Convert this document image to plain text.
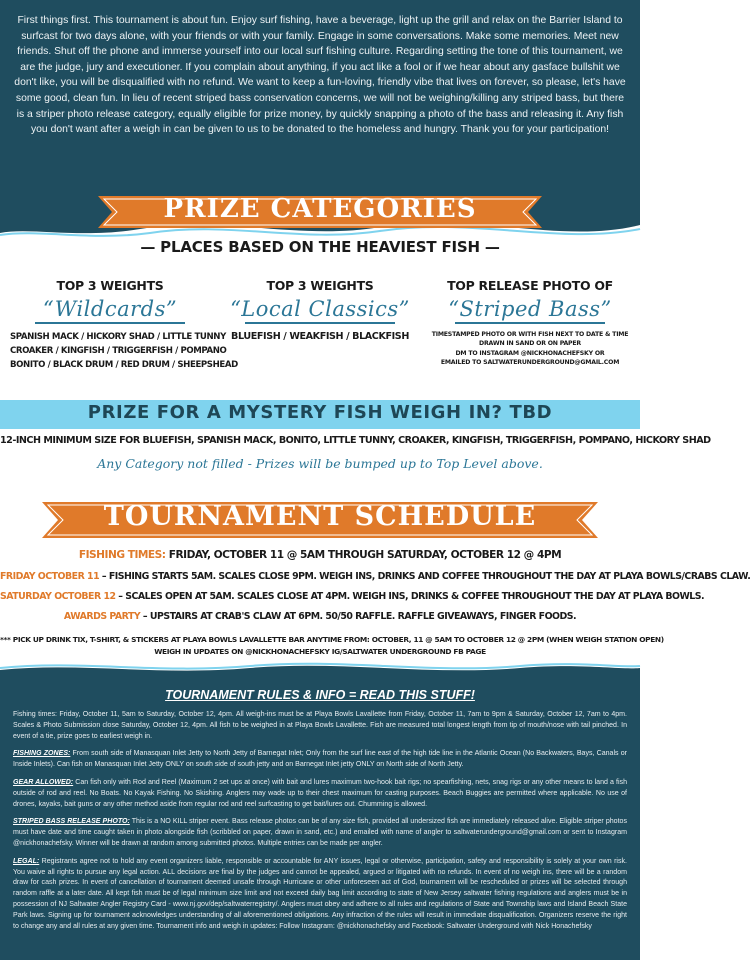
First things first. This tournament is about fun. Enjoy surf fishing, have a beverage, light up the grill and relax on the Barrier Island to surfcast for two days alone, with your friends or with your family. Engage in some conversations. Make some memories. Meet new friends. Shut off the phone and immerse yourself into our local surf fishing culture. Regarding setting the tone of this tournament, we are the judge, jury and executioner. If you complain about anything, if you act like a fool or if we hear about any gasface bullshit we don't like, you will be disqualified with no refund. We want to keep a fun-loving, friendly vibe that lives on forever, so please, let's have some good, clean fun. In lieu of recent striped bass conservation concerns, we will not be weighing/killing any striped bass, but there is a striper photo release category, equally eligible for prize money, by quickly snapping a photo of the bass and releasing it. Any fish you don't want after a weigh in can be given to us to be donated to the homeless and hungry. Thank you for your participation!

PRIZE CATEGORIES
— PLACES BASED ON THE HEAVIEST FISH —
TOP 3 WEIGHTS
“Wildcards”
SPANISH MACK / HICKORY SHAD / LITTLE TUNNY
CROAKER / KINGFISH / TRIGGERFISH / POMPANO
BONITO / BLACK DRUM / RED DRUM / SHEEPSHEAD
TOP 3 WEIGHTS
“Local Classics”
BLUEFISH / WEAKFISH / BLACKFISH
TOP RELEASE PHOTO OF
“Striped Bass”
TIMESTAMPED PHOTO OR WITH FISH NEXT TO DATE & TIME
DRAWN IN SAND OR ON PAPER
DM TO INSTAGRAM @NICKHONACHEFSKY OR
EMAILED TO SALTWATERUNDERGROUND@GMAIL.COM
PRIZE FOR A MYSTERY FISH WEIGH IN? TBD
12-INCH MINIMUM SIZE FOR BLUEFISH, SPANISH MACK, BONITO, LITTLE TUNNY, CROAKER, KINGFISH, TRIGGERFISH, POMPANO, HICKORY SHAD
Any Category not filled - Prizes will be bumped up to Top Level above.
TOURNAMENT SCHEDULE
FISHING TIMES: FRIDAY, OCTOBER 11 @ 5AM THROUGH SATURDAY, OCTOBER 12 @ 4PM
FRIDAY OCTOBER 11 – FISHING STARTS 5AM. SCALES CLOSE 9PM. WEIGH INS, DRINKS AND COFFEE THROUGHOUT THE DAY AT PLAYA BOWLS/CRABS CLAW.
SATURDAY OCTOBER 12 – SCALES OPEN AT 5AM. SCALES CLOSE AT 4PM. WEIGH INS, DRINKS & COFFEE THROUGHOUT THE DAY AT PLAYA BOWLS.
AWARDS PARTY – UPSTAIRS AT CRAB'S CLAW AT 6PM. 50/50 RAFFLE. RAFFLE GIVEAWAYS, FINGER FOODS.
*** PICK UP DRINK TIX, T-SHIRT, & STICKERS AT PLAYA BOWLS LAVALLETTE BAR ANYTIME FROM: OCTOBER, 11 @ 5AM TO OCTOBER 12 @ 2PM (WHEN WEIGH STATION OPEN)
WEIGH IN UPDATES ON @NICKHONACHEFSKY IG/SALTWATER UNDERGROUND FB PAGE
TOURNAMENT RULES & INFO = READ THIS STUFF!

Fishing times: Friday, October 11, 5am to Saturday, October 12, 4pm. All weigh-ins must be at Playa Bowls Lavallette from Friday, October 11, 7am to 9pm & Saturday, October 12, 7am to 4pm. Scales & Photo Submission close Saturday, October 12, 4pm. All fish to be weighed in at Playa Bowls Lavallette. Fish are measured total longest length from tip of mouth/nose with tail pinched. In event of a tie, prize goes to earliest weigh in.

FISHING ZONES: From south side of Manasquan Inlet Jetty to North Jetty of Barnegat Inlet; Only from the surf line east of the high tide line in the Atlantic Ocean (No Backwaters, Bays, Canals or Inside Inlets). Can fish on Manasquan Inlet Jetty ONLY on south side of south jetty and on Barnegat Inlet jetty ONLY on North side of North Jetty.

GEAR ALLOWED: Can fish only with Rod and Reel (Maximum 2 set ups at once) with bait and lures maximum two-hook bait rigs; no spearfishing, nets, snag rigs or any other means to land a fish outside of rod and reel. No Boats. No Kayak Fishing. No Skishing. Anglers may wade up to their chest maximum for casting purposes. Beach Buggies are permitted where applicable. No use of drones, kayaks, bait guns or any other method aside from regular rod and reel surfcasting to get bait/lures out. Chumming is allowed.

STRIPED BASS RELEASE PHOTO: This is a NO KILL striper event. Bass release photos can be of any size fish, provided all undersized fish are immediately released alive. Eligible striper photos must have date and time caught taken in photo alongside fish (scribbled on paper, drawn in sand, etc.) and emailed with name of angler to saltwaterunderground@gmail.com or sent to Instagram @nickhonachefsky. Winner will be drawn at random among submitted photos. Multiple entries can be made per angler.

LEGAL: Registrants agree not to hold any event organizers liable, responsible or accountable for ANY issues, legal or otherwise, participation, safety and responsibility is solely at your own risk. You waive all rights to pursue any legal action. ALL decisions are final by the judges and cannot be appealed, argued or litigated with no refunds. In event of no weigh ins, there will be a random draw for cash prizes. In event of cancellation of tournament deemed unsafe through Hurricane or other unforeseen act of God, tournament will be rescheduled or prizes will be selected through random raffle at a later date. All kept fish must be of legal minimum size limit and not exceed daily bag limit according to state of New Jersey saltwater fishing regulations and anglers must be in possession of NJ Saltwater Angler Registry Card - www.nj.gov/dep/saltwaterregistry/. Anglers must obey and adhere to all rules and regulations of State and Township laws and Island Beach State Park laws. Signing up for tournament acknowledges understanding of all aforementioned obligations. Any infraction of the rules will result in immediate disqualification. Organizers reserve the right to change any and all rules at any given time. Tournament info and weigh in updates: Follow Instagram: @nickhonachefsky and Facebook: Saltwater Underground with Nick Honachefsky
